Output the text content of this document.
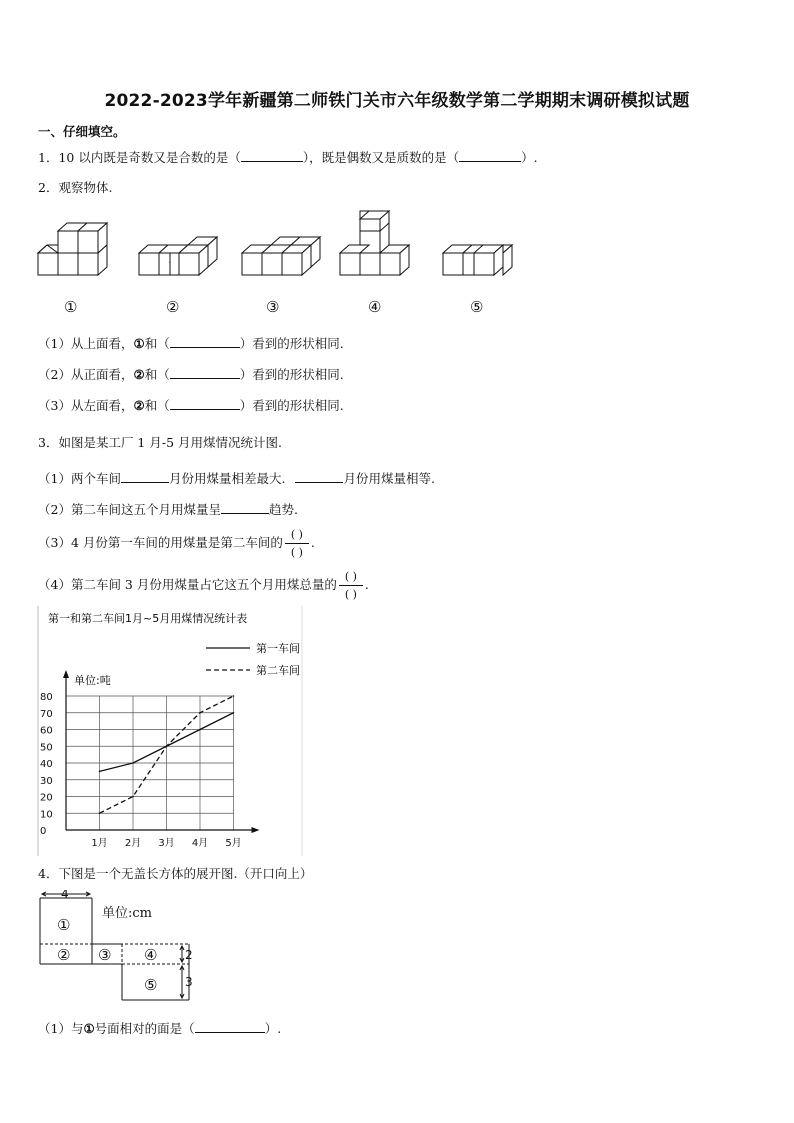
2022-2023学年新疆第二师铁门关市六年级数学第二学期期末调研模拟试题
一、仔细填空。
1．10 以内既是奇数又是合数的是（	），既是偶数又是质数的是（	）.
2．观察物体.
①	②	③	④	⑤
（1）从上面看，①和（	）看到的形状相同.
（2）从正面看，②和（	）看到的形状相同.
（3）从左面看，②和（	）看到的形状相同.
3．如图是某工厂 1 月-5 月用煤情况统计图.
（1）两个车间	月份用煤量相差最大.	月份用煤量相等.
（2）第二车间这五个月用煤量呈	趋势.
（3）4 月份第一车间的用煤量是第二车间的 $\frac{( )}{( )}$ .
（4）第二车间 3 月份用煤量占它这五个月用煤总量的 $\frac{( )}{( )}$ .
第一和第二车间1月~5月用煤情况统计表
第一车间
第二车间
单位:吨
0
10
20
30
40
50
60
70
80
1月 2月 3月 4月 5月
4．下图是一个无盖长方体的展开图.（开口向上）
4
2
3
①
② ③ ④
⑤
单位:cm
（1）与①号面相对的面是（	）.
